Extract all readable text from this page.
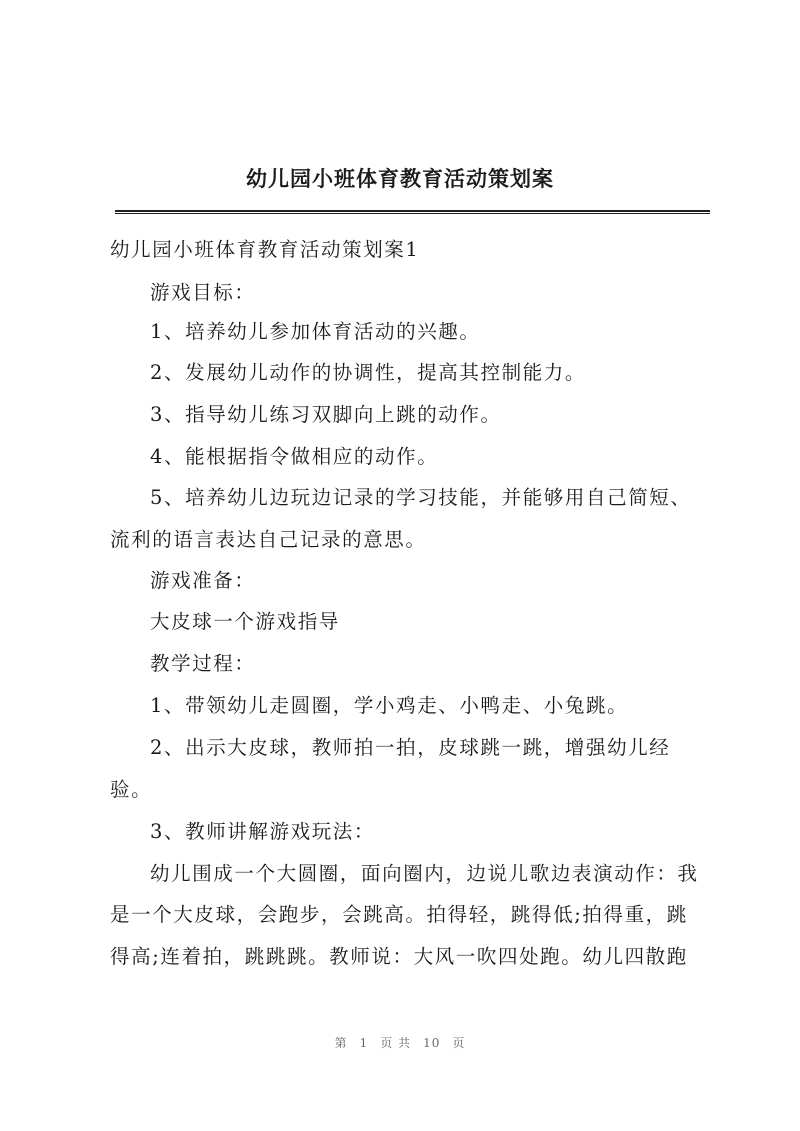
幼儿园小班体育教育活动策划案
幼儿园小班体育教育活动策划案1
游戏目标：
1、培养幼儿参加体育活动的兴趣。
2、发展幼儿动作的协调性，提高其控制能力。
3、指导幼儿练习双脚向上跳的动作。
4、能根据指令做相应的动作。
5、培养幼儿边玩边记录的学习技能，并能够用自己简短、
流利的语言表达自己记录的意思。
游戏准备：
大皮球一个游戏指导
教学过程：
1、带领幼儿走圆圈，学小鸡走、小鸭走、小兔跳。
2、出示大皮球，教师拍一拍，皮球跳一跳，增强幼儿经
验。
3、教师讲解游戏玩法：
幼儿围成一个大圆圈，面向圈内，边说儿歌边表演动作：我
是一个大皮球，会跑步，会跳高。拍得轻，跳得低;拍得重，跳
得高;连着拍，跳跳跳。教师说：大风一吹四处跑。幼儿四散跑
第 1 页 共 10 页
